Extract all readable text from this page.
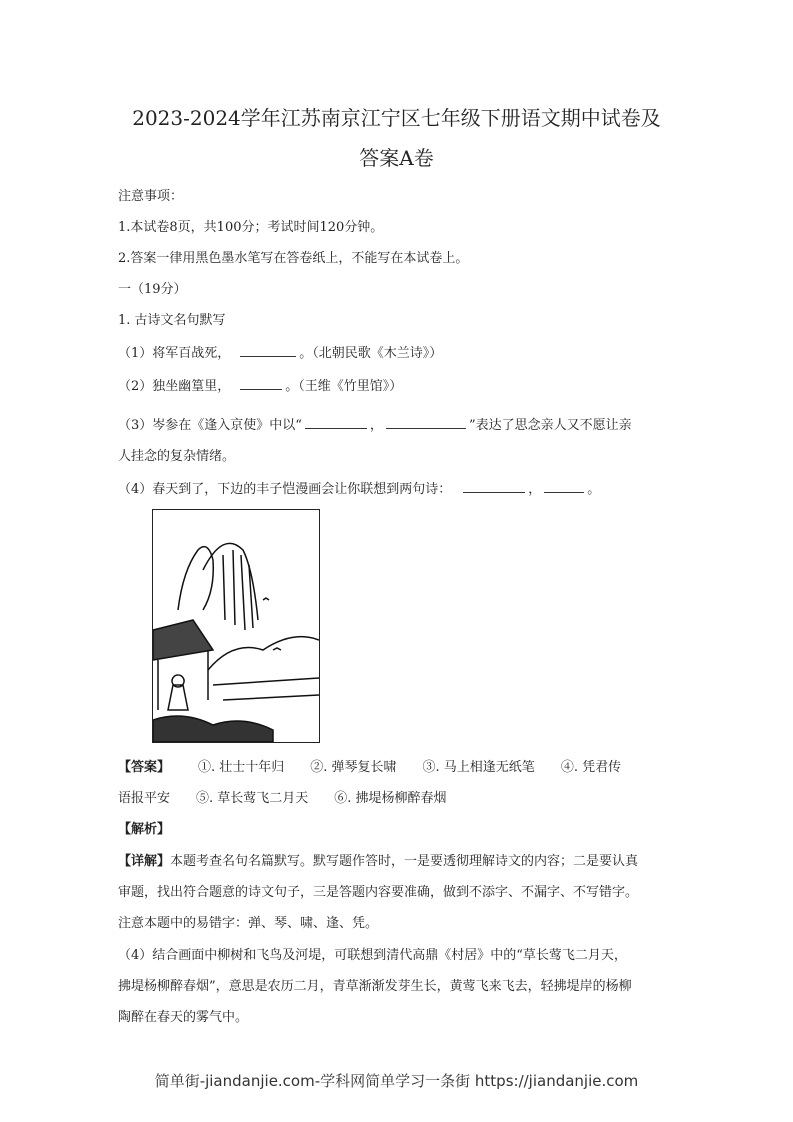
2023-2024学年江苏南京江宁区七年级下册语文期中试卷及
答案A卷
注意事项：
1.本试卷8页，共100分；考试时间120分钟。
2.答案一律用黑色墨水笔写在答卷纸上，不能写在本试卷上。
一（19分）
1. 古诗文名句默写
（1）将军百战死，	。（北朝民歌《木兰诗》）
（2）独坐幽篁里，	。（王维《竹里馆》）
（3）岑参在《逢入京使》中以“	，	”表达了思念亲人又不愿让亲
人挂念的复杂情绪。
（4）春天到了，下边的丰子恺漫画会让你联想到两句诗：	，	。
【答案】 ①. 壮士十年归 ②. 弹琴复长啸 ③. 马上相逢无纸笔 ④. 凭君传
语报平安 ⑤. 草长莺飞二月天 ⑥. 拂堤杨柳醉春烟
【解析】
【详解】本题考查名句名篇默写。默写题作答时，一是要透彻理解诗文的内容；二是要认真
审题，找出符合题意的诗文句子，三是答题内容要准确，做到不添字、不漏字、不写错字。
注意本题中的易错字：弹、琴、啸、逢、凭。
（4）结合画面中柳树和飞鸟及河堤，可联想到清代高鼎《村居》中的“草长莺飞二月天，
拂堤杨柳醉春烟”，意思是农历二月，青草渐渐发芽生长，黄莺飞来飞去，轻拂堤岸的杨柳
陶醉在春天的雾气中。
简单街-jiandanjie.com-学科网简单学习一条街 https://jiandanjie.com
